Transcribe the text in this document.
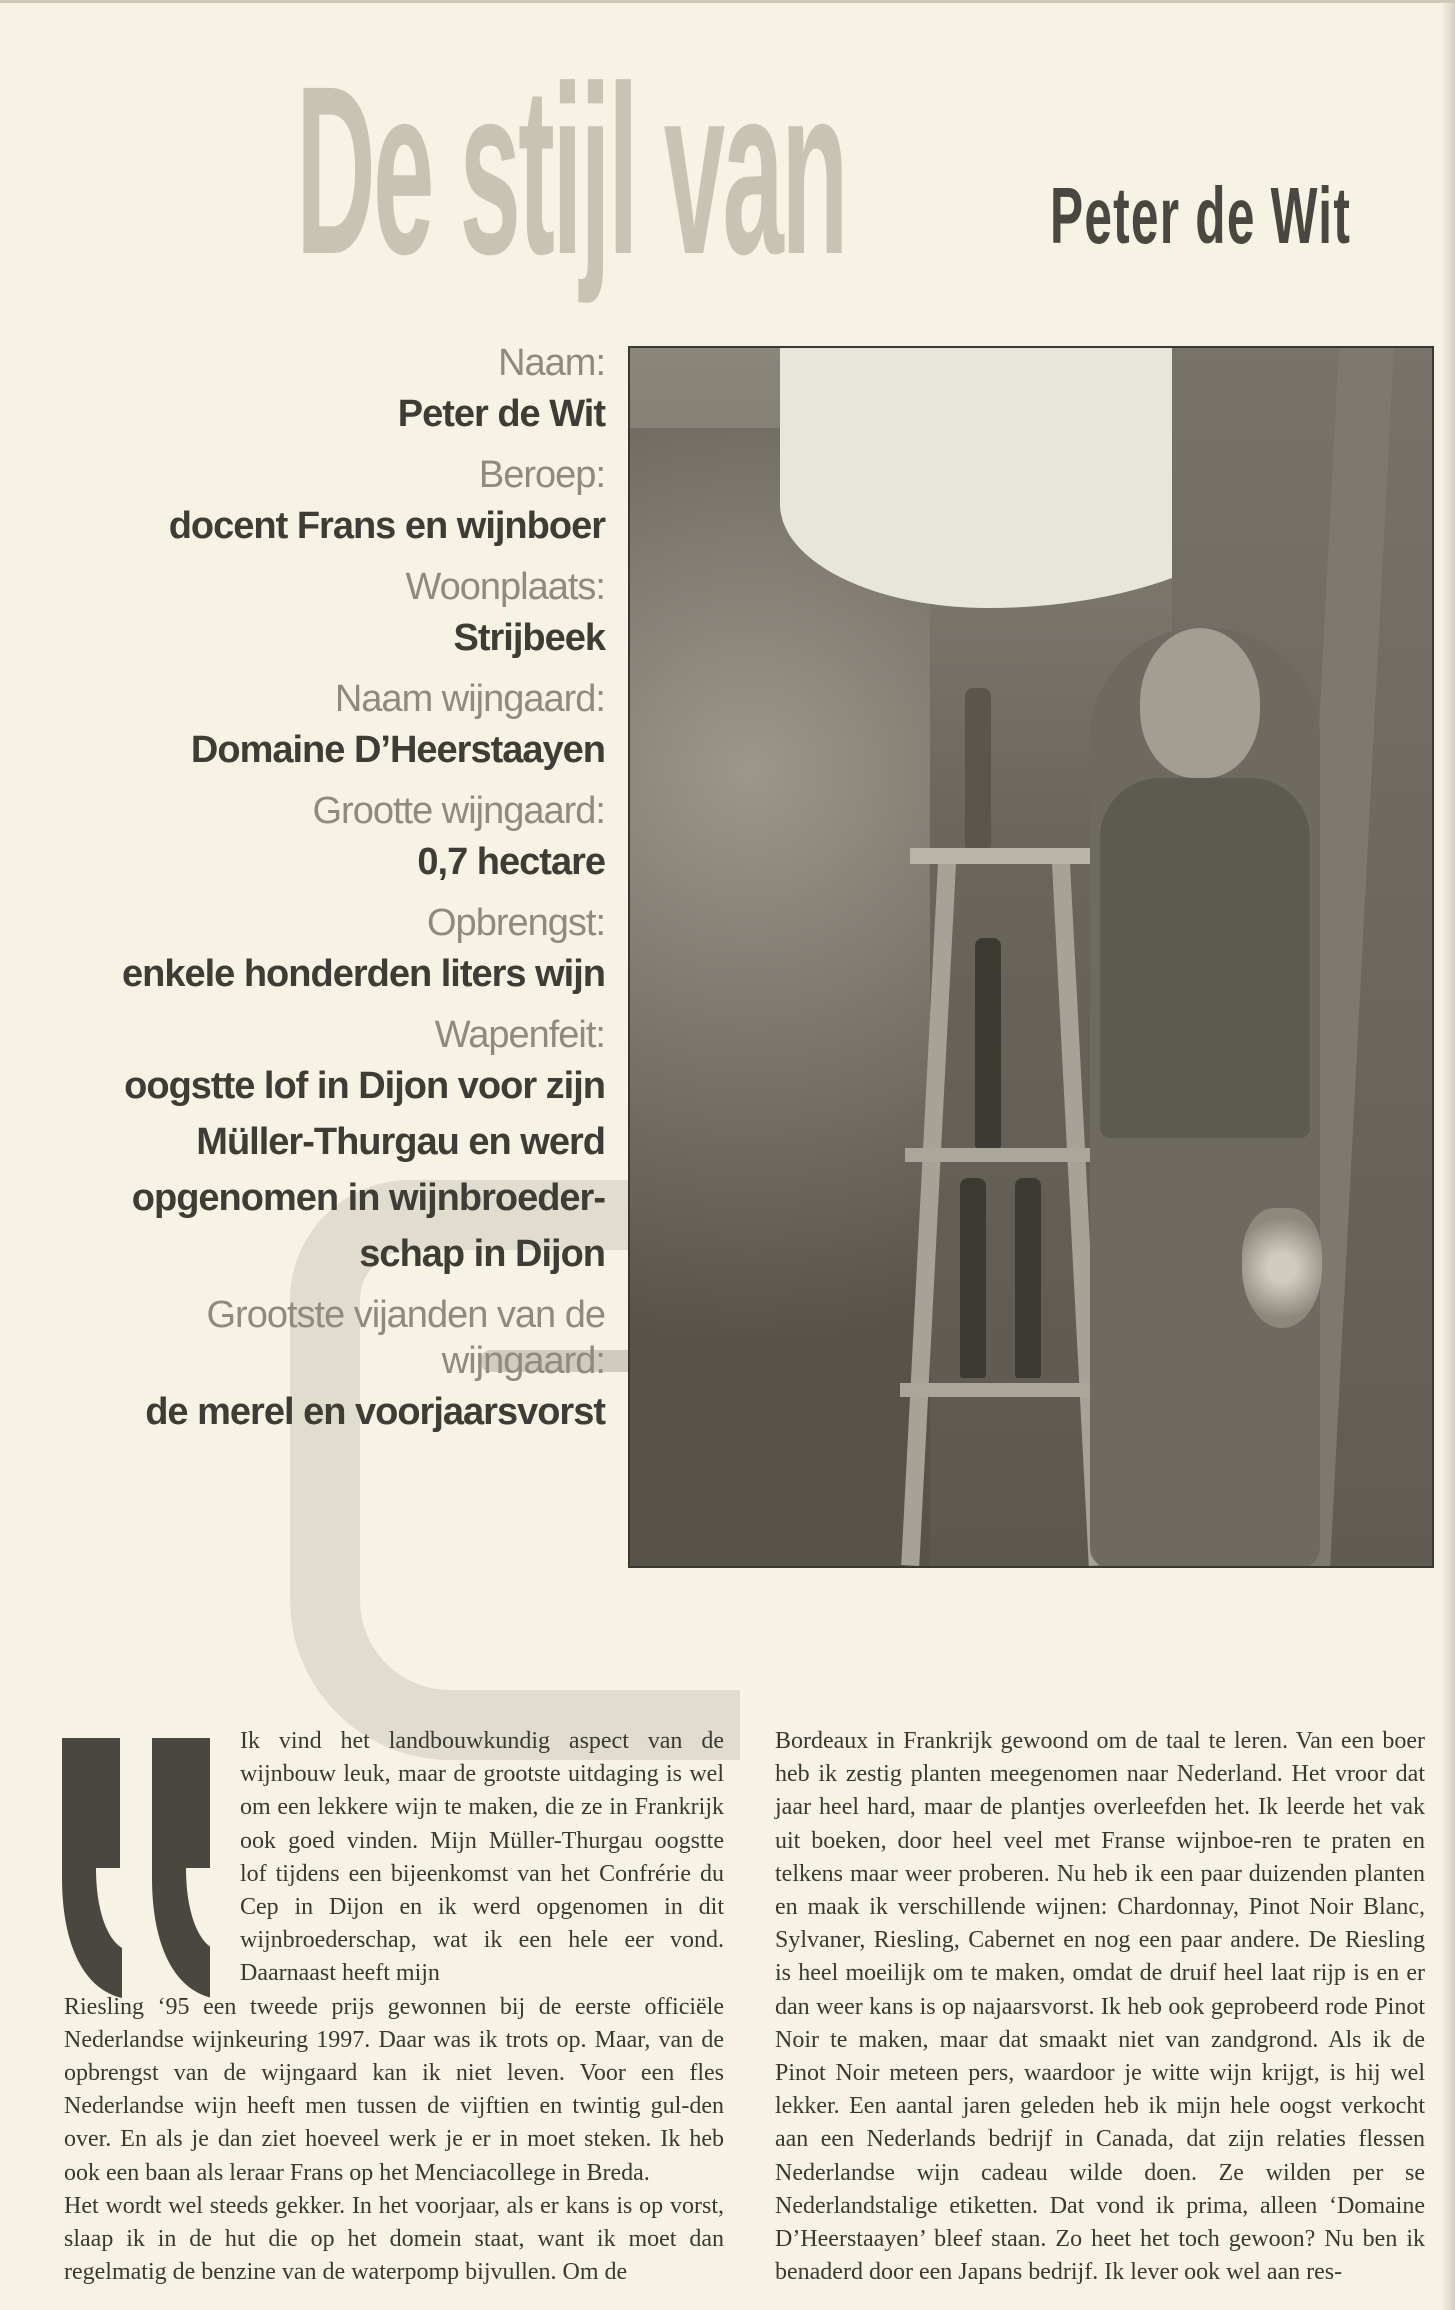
De stijl van	Peter de Wit
Naam:
Peter de Wit
Beroep:
docent Frans en wijnboer
Woonplaats:
Strijbeek
Naam wijngaard:
Domaine D’Heerstaayen
Grootte wijngaard:
0,7 hectare
Opbrengst:
enkele honderden liters wijn
Wapenfeit:
oogstte lof in Dijon voor zijn Müller-Thurgau en werd opgenomen in wijnbroeder- schap in Dijon
Grootste vijanden van de wijngaard:
de merel en voorjaarsvorst

Ik vind het landbouwkundig aspect van de wijnbouw leuk, maar de grootste uitdaging is wel om een lekkere wijn te maken, die ze in Frankrijk ook goed vinden. Mijn Müller-Thurgau oogstte lof tijdens een bijeenkomst van het Confrérie du Cep in Dijon en ik werd opgenomen in dit wijnbroederschap, wat ik een hele eer vond. Daarnaast heeft mijn

Riesling ‘95 een tweede prijs gewonnen bij de eerste officiële Nederlandse wijnkeuring 1997. Daar was ik trots op. Maar, van de opbrengst van de wijngaard kan ik niet leven. Voor een fles Nederlandse wijn heeft men tussen de vijftien en twintig gul-den over. En als je dan ziet hoeveel werk je er in moet steken. Ik heb ook een baan als leraar Frans op het Menciacollege in Breda.

Het wordt wel steeds gekker. In het voorjaar, als er kans is op vorst, slaap ik in de hut die op het domein staat, want ik moet dan regelmatig de benzine van de waterpomp bijvullen. Om de

Bordeaux in Frankrijk gewoond om de taal te leren. Van een boer heb ik zestig planten meegenomen naar Nederland. Het vroor dat jaar heel hard, maar de plantjes overleefden het. Ik leerde het vak uit boeken, door heel veel met Franse wijnboe-ren te praten en telkens maar weer proberen. Nu heb ik een paar duizenden planten en maak ik verschillende wijnen: Chardonnay, Pinot Noir Blanc, Sylvaner, Riesling, Cabernet en nog een paar andere. De Riesling is heel moeilijk om te maken, omdat de druif heel laat rijp is en er dan weer kans is op najaarsvorst. Ik heb ook geprobeerd rode Pinot Noir te maken, maar dat smaakt niet van zandgrond. Als ik de Pinot Noir meteen pers, waardoor je witte wijn krijgt, is hij wel lekker. Een aantal jaren geleden heb ik mijn hele oogst verkocht aan een Nederlands bedrijf in Canada, dat zijn relaties flessen Nederlandse wijn cadeau wilde doen. Ze wilden per se Nederlandstalige etiketten. Dat vond ik prima, alleen ‘Domaine D’Heerstaayen’ bleef staan. Zo heet het toch gewoon? Nu ben ik benaderd door een Japans bedrijf. Ik lever ook wel aan res-
